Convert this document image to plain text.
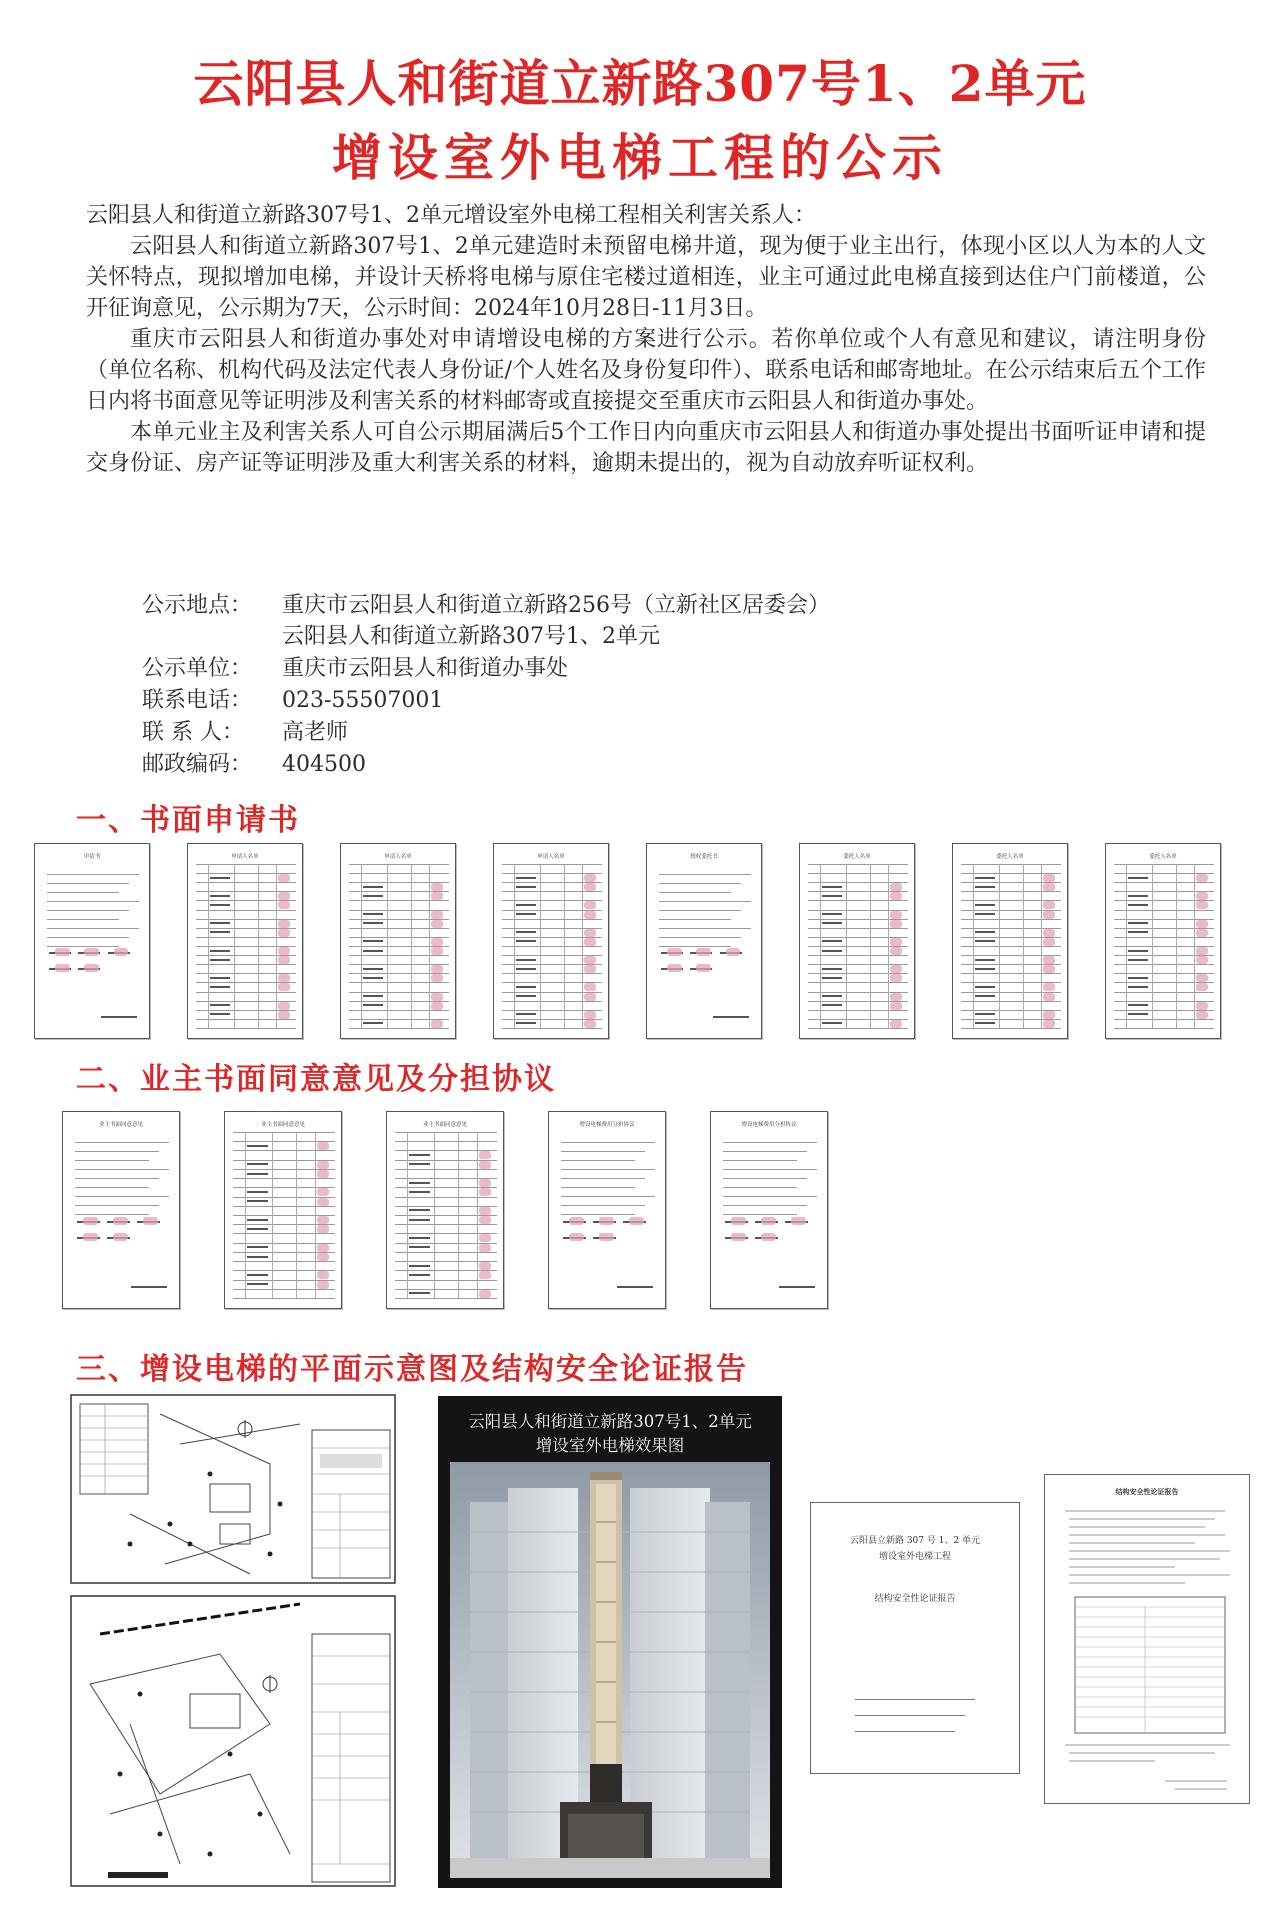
云阳县人和街道立新路307号1、2单元
增设室外电梯工程的公示

云阳县人和街道立新路307号1、2单元增设室外电梯工程相关利害关系人：

云阳县人和街道立新路307号1、2单元建造时未预留电梯井道，现为便于业主出行，体现小区以人为本的人文关怀特点，现拟增加电梯，并设计天桥将电梯与原住宅楼过道相连，业主可通过此电梯直接到达住户门前楼道，公开征询意见，公示期为7天，公示时间：2024年10月28日-11月3日。

重庆市云阳县人和街道办事处对申请增设电梯的方案进行公示。若你单位或个人有意见和建议，请注明身份（单位名称、机构代码及法定代表人身份证/个人姓名及身份复印件）、联系电话和邮寄地址。在公示结束后五个工作日内将书面意见等证明涉及利害关系的材料邮寄或直接提交至重庆市云阳县人和街道办事处。

本单元业主及利害关系人可自公示期届满后5个工作日内向重庆市云阳县人和街道办事处提出书面听证申请和提交身份证、房产证等证明涉及重大利害关系的材料，逾期未提出的，视为自动放弃听证权利。

公示地点： 重庆市云阳县人和街道立新路256号（立新社区居委会）
云阳县人和街道立新路307号1、2单元
公示单位： 重庆市云阳县人和街道办事处
联系电话： 023-55507001
联 系 人： 高老师
邮政编码： 404500
一、书面申请书
二、业主书面同意意见及分担协议
三、增设电梯的平面示意图及结构安全论证报告
申请书	申请人名单	申请人名单	申请人名单	授权委托书	委托人名单	委托人名单	委托人名单
业主书面同意意见	业主书面同意意见	业主书面同意意见	增设电梯费用分担协议	增设电梯费用分担协议
云阳县人和街道立新路307号1、2单元
增设室外电梯效果图
云阳县立新路 307 号 1、2 单元
增设室外电梯工程
结构安全性论证报告
结构安全性论证报告
